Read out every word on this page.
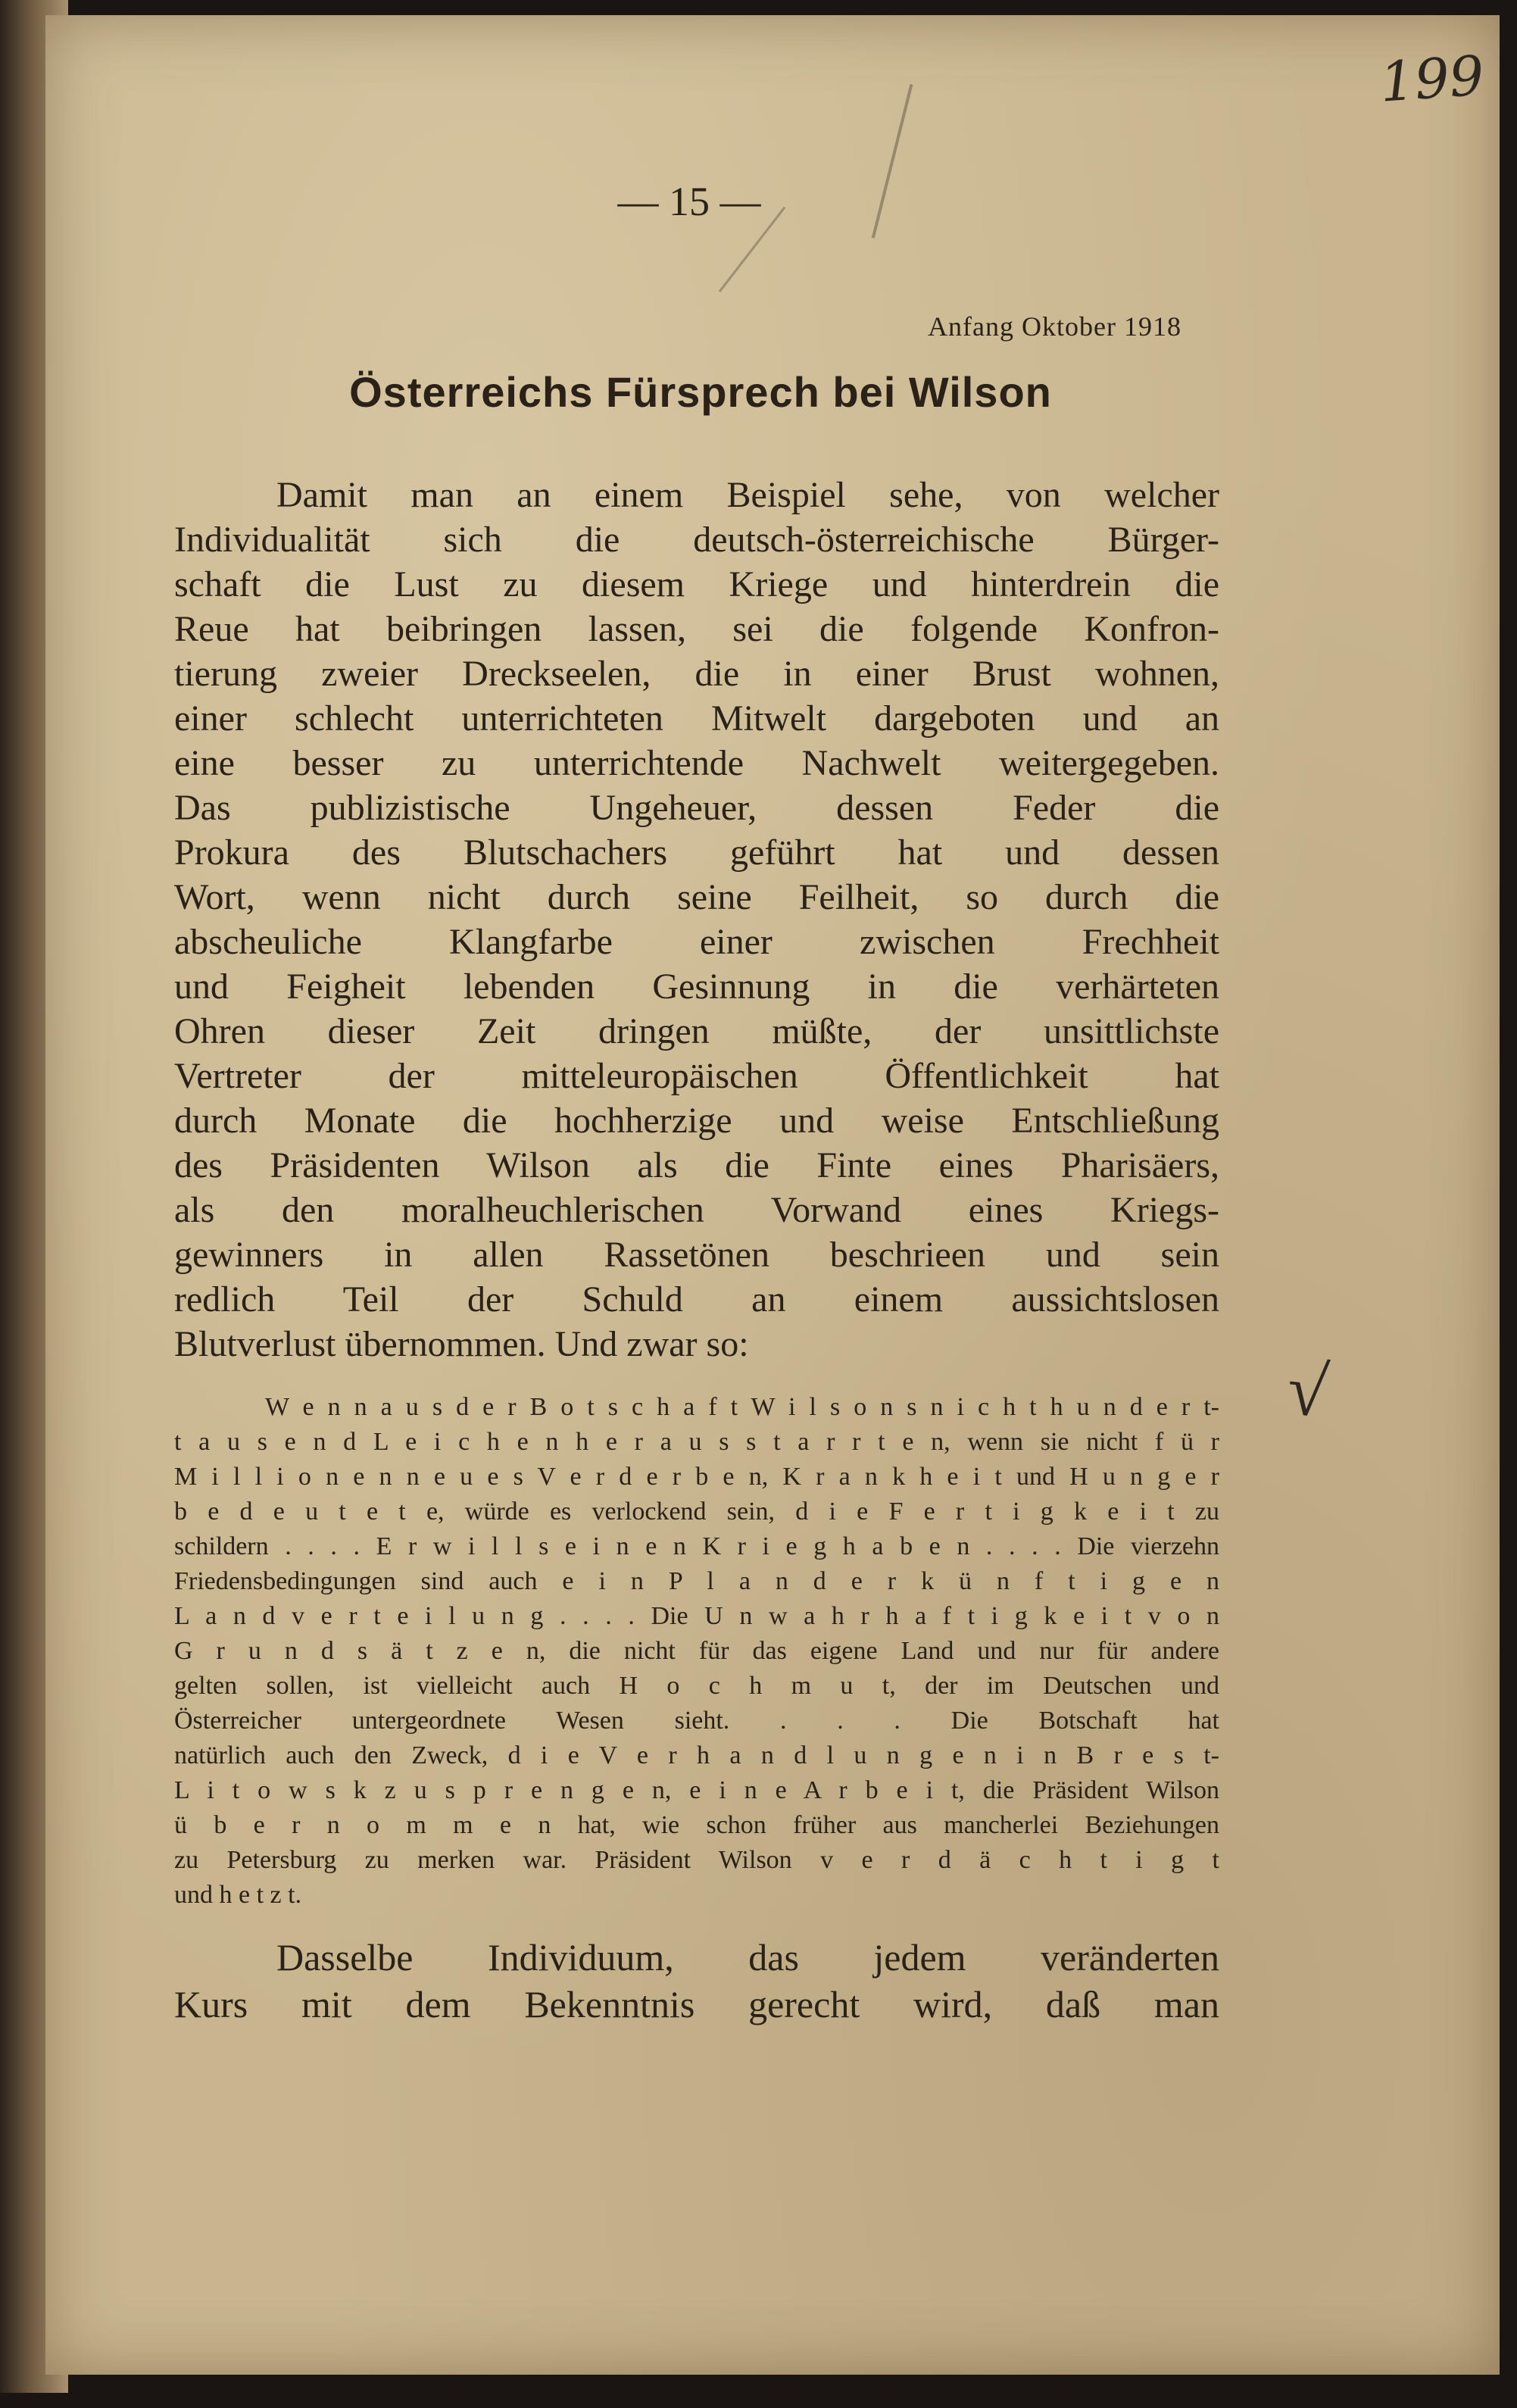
199
— 15 —
Anfang Oktober 1918
Österreichs Fürsprech bei Wilson
Damit man an einem Beispiel sehe, von welcher
Individualität sich die deutsch-österreichische Bürger-
schaft die Lust zu diesem Kriege und hinterdrein die
Reue hat beibringen lassen, sei die folgende Konfron-
tierung zweier Dreckseelen, die in einer Brust wohnen,
einer schlecht unterrichteten Mitwelt dargeboten und an
eine besser zu unterrichtende Nachwelt weitergegeben.
Das publizistische Ungeheuer, dessen Feder die
Prokura des Blutschachers geführt hat und dessen
Wort, wenn nicht durch seine Feilheit, so durch die
abscheuliche Klangfarbe einer zwischen Frechheit
und Feigheit lebenden Gesinnung in die verhärteten
Ohren dieser Zeit dringen müßte, der unsittlichste
Vertreter der mitteleuropäischen Öffentlichkeit hat
durch Monate die hochherzige und weise Entschließung
des Präsidenten Wilson als die Finte eines Pharisäers,
als den moralheuchlerischen Vorwand eines Kriegs-
gewinners in allen Rassetönen beschrieen und sein
redlich Teil der Schuld an einem aussichtslosen
Blutverlust übernommen. Und zwar so:
√
W e n n a u s d e r B o t s c h a f t W i l s o n s n i c h t h u n d e r t-
t a u s e n d L e i c h e n h e r a u s s t a r r t e n, wenn sie nicht f ü r
M i l l i o n e n n e u e s V e r d e r b e n, K r a n k h e i t und H u n g e r
b e d e u t e t e, würde es verlockend sein, d i e F e r t i g k e i t zu
schildern . . . . E r w i l l s e i n e n K r i e g h a b e n . . . . Die vierzehn
Friedensbedingungen sind auch e i n P l a n d e r k ü n f t i g e n
L a n d v e r t e i l u n g . . . . Die U n w a h r h a f t i g k e i t v o n
G r u n d s ä t z e n, die nicht für das eigene Land und nur für andere
gelten sollen, ist vielleicht auch H o c h m u t, der im Deutschen und
Österreicher untergeordnete Wesen sieht. . . . Die Botschaft hat
natürlich auch den Zweck, d i e V e r h a n d l u n g e n i n B r e s t-
L i t o w s k z u s p r e n g e n, e i n e A r b e i t, die Präsident Wilson
ü b e r n o m m e n hat, wie schon früher aus mancherlei Beziehungen
zu Petersburg zu merken war. Präsident Wilson v e r d ä c h t i g t
und h e t z t.
Dasselbe Individuum, das jedem veränderten
Kurs mit dem Bekenntnis gerecht wird, daß man
